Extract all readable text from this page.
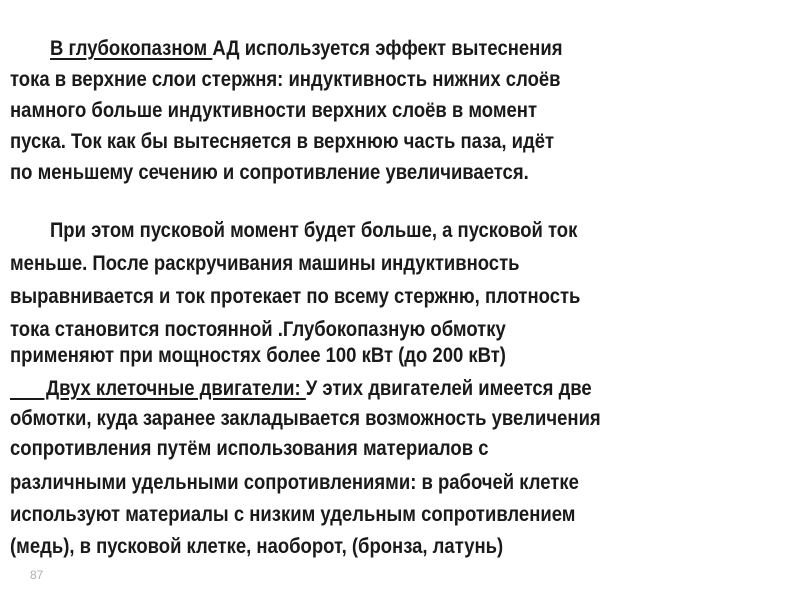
В глубокопазном АД используется эффект вытеснения
тока в верхние слои стержня: индуктивность нижних слоёв
намного больше индуктивности верхних слоёв в момент
пуска. Ток как бы вытесняется в верхнюю часть паза, идёт
по меньшему сечению и сопротивление увеличивается.
При этом пусковой момент будет больше, а пусковой ток
меньше. После раскручивания машины индуктивность
выравнивается и ток протекает по всему стержню, плотность
тока становится постоянной .Глубокопазную обмотку
применяют при мощностях более 100 кВт (до 200 кВт)
Двух клеточные двигатели: У этих двигателей имеется две
обмотки, куда заранее закладывается возможность увеличения
сопротивления путём использования материалов с
различными удельными сопротивлениями: в рабочей клетке
используют материалы с низким удельным сопротивлением
(медь), в пусковой клетке, наоборот, (бронза, латунь)
87
